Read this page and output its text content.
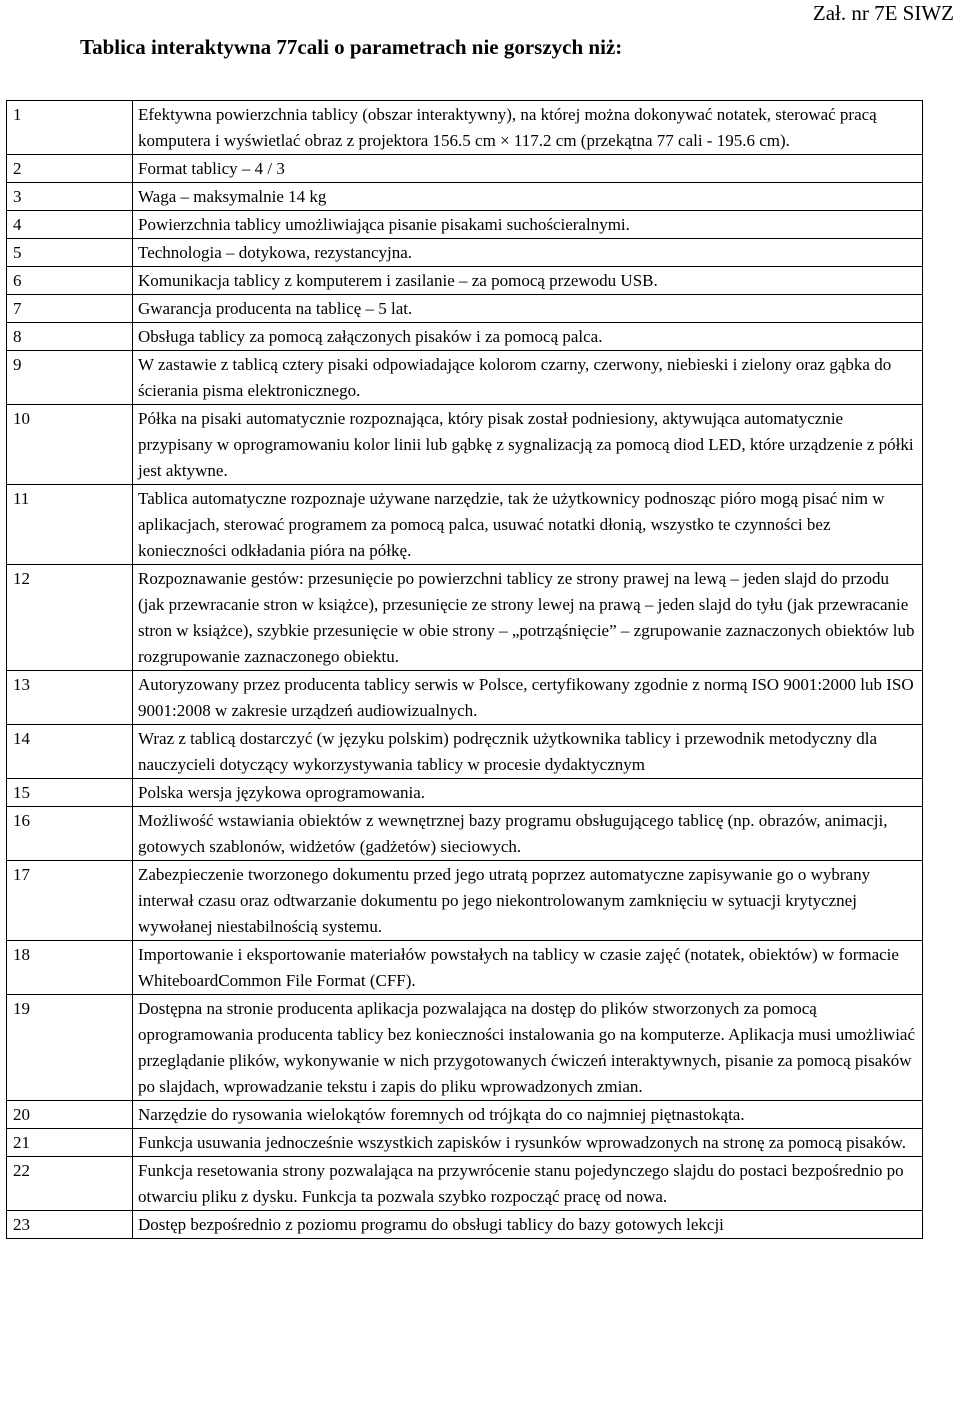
Zał. nr 7E SIWZ
Tablica interaktywna 77cali o parametrach nie gorszych niż:
1	Efektywna powierzchnia tablicy (obszar interaktywny), na której można dokonywać notatek, sterować pracą komputera i wyświetlać obraz z projektora 156.5 cm × 117.2 cm (przekątna 77 cali - 195.6 cm).
2	Format tablicy – 4 / 3
3	Waga – maksymalnie 14 kg
4	Powierzchnia tablicy umożliwiająca pisanie pisakami suchościeralnymi.
5	Technologia – dotykowa, rezystancyjna.
6	Komunikacja tablicy z komputerem i zasilanie – za pomocą przewodu USB.
7	Gwarancja producenta na tablicę – 5 lat.
8	Obsługa tablicy za pomocą załączonych pisaków i za pomocą palca.
9	W zastawie z tablicą cztery pisaki odpowiadające kolorom czarny, czerwony, niebieski i zielony oraz gąbka do ścierania pisma elektronicznego.
10	Półka na pisaki automatycznie rozpoznająca, który pisak został podniesiony, aktywująca automatycznie przypisany w oprogramowaniu kolor linii lub gąbkę z sygnalizacją za pomocą diod LED, które urządzenie z półki jest aktywne.
11	Tablica automatyczne rozpoznaje używane narzędzie, tak że użytkownicy podnosząc pióro mogą pisać nim w aplikacjach, sterować programem za pomocą palca, usuwać notatki dłonią, wszystko te czynności bez konieczności odkładania pióra na półkę.
12	Rozpoznawanie gestów: przesunięcie po powierzchni tablicy ze strony prawej na lewą – jeden slajd do przodu (jak przewracanie stron w książce), przesunięcie ze strony lewej na prawą – jeden slajd do tyłu (jak przewracanie stron w książce), szybkie przesunięcie w obie strony – „potrząśnięcie” – zgrupowanie zaznaczonych obiektów lub rozgrupowanie zaznaczonego obiektu.
13	Autoryzowany przez producenta tablicy serwis w Polsce, certyfikowany zgodnie z normą ISO 9001:2000 lub ISO 9001:2008 w zakresie urządzeń audiowizualnych.
14	Wraz z tablicą dostarczyć (w języku polskim) podręcznik użytkownika tablicy i przewodnik metodyczny dla nauczycieli dotyczący wykorzystywania tablicy w procesie dydaktycznym
15	Polska wersja językowa oprogramowania.
16	Możliwość wstawiania obiektów z wewnętrznej bazy programu obsługującego tablicę (np. obrazów, animacji, gotowych szablonów, widżetów (gadżetów) sieciowych.
17	Zabezpieczenie tworzonego dokumentu przed jego utratą poprzez automatyczne zapisywanie go o wybrany interwał czasu oraz odtwarzanie dokumentu po jego niekontrolowanym zamknięciu w sytuacji krytycznej wywołanej niestabilnością systemu.
18	Importowanie i eksportowanie materiałów powstałych na tablicy w czasie zajęć (notatek, obiektów) w formacie WhiteboardCommon File Format (CFF).
19	Dostępna na stronie producenta aplikacja pozwalająca na dostęp do plików stworzonych za pomocą oprogramowania producenta tablicy bez konieczności instalowania go na komputerze. Aplikacja musi umożliwiać przeglądanie plików, wykonywanie w nich przygotowanych ćwiczeń interaktywnych, pisanie za pomocą pisaków po slajdach, wprowadzanie tekstu i zapis do pliku wprowadzonych zmian.
20	Narzędzie do rysowania wielokątów foremnych od trójkąta do co najmniej piętnastokąta.
21	Funkcja usuwania jednocześnie wszystkich zapisków i rysunków wprowadzonych na stronę za pomocą pisaków.
22	Funkcja resetowania strony pozwalająca na przywrócenie stanu pojedynczego slajdu do postaci bezpośrednio po otwarciu pliku z dysku. Funkcja ta pozwala szybko rozpocząć pracę od nowa.
23	Dostęp bezpośrednio z poziomu programu do obsługi tablicy do bazy gotowych lekcji
